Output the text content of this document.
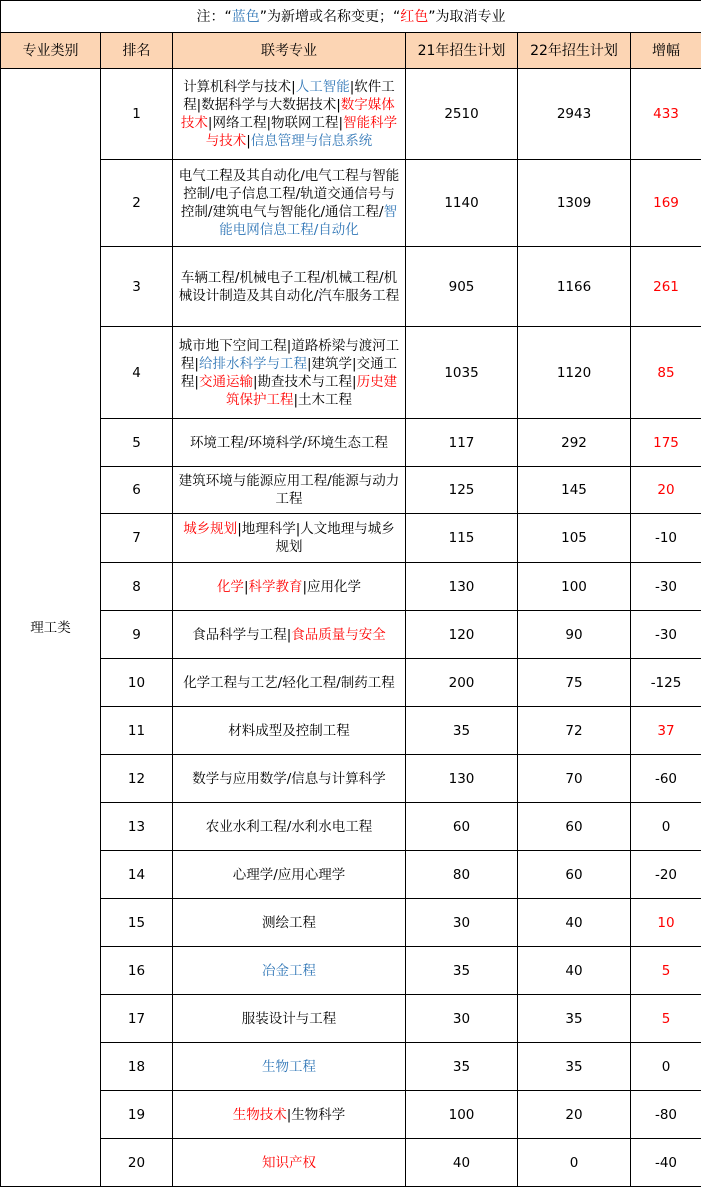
注：“蓝色”为新增或名称变更；“红色”为取消专业					
专业类别	排名	联考专业	21年招生计划	22年招生计划	增幅
理工类	1	计算机科学与技术|人工智能|软件工程|数据科学与大数据技术|数字媒体技术|网络工程|物联网工程|智能科学与技术|信息管理与信息系统	2510	2943	433
	2	电气工程及其自动化/电气工程与智能控制/电子信息工程/轨道交通信号与控制/建筑电气与智能化/通信工程/智能电网信息工程/自动化	1140	1309	169
	3	车辆工程/机械电子工程/机械工程/机械设计制造及其自动化/汽车服务工程	905	1166	261
	4	城市地下空间工程|道路桥梁与渡河工程|给排水科学与工程|建筑学|交通工程|交通运输|勘查技术与工程|历史建筑保护工程|土木工程	1035	1120	85
	5	环境工程/环境科学/环境生态工程	117	292	175
	6	建筑环境与能源应用工程/能源与动力工程	125	145	20
	7	城乡规划|地理科学|人文地理与城乡规划	115	105	-10
	8	化学|科学教育|应用化学	130	100	-30
	9	食品科学与工程|食品质量与安全	120	90	-30
	10	化学工程与工艺/轻化工程/制药工程	200	75	-125
	11	材料成型及控制工程	35	72	37
	12	数学与应用数学/信息与计算科学	130	70	-60
	13	农业水利工程/水利水电工程	60	60	0
	14	心理学/应用心理学	80	60	-20
	15	测绘工程	30	40	10
	16	冶金工程	35	40	5
	17	服装设计与工程	30	35	5
	18	生物工程	35	35	0
	19	生物技术|生物科学	100	20	-80
	20	知识产权	40	0	-40
